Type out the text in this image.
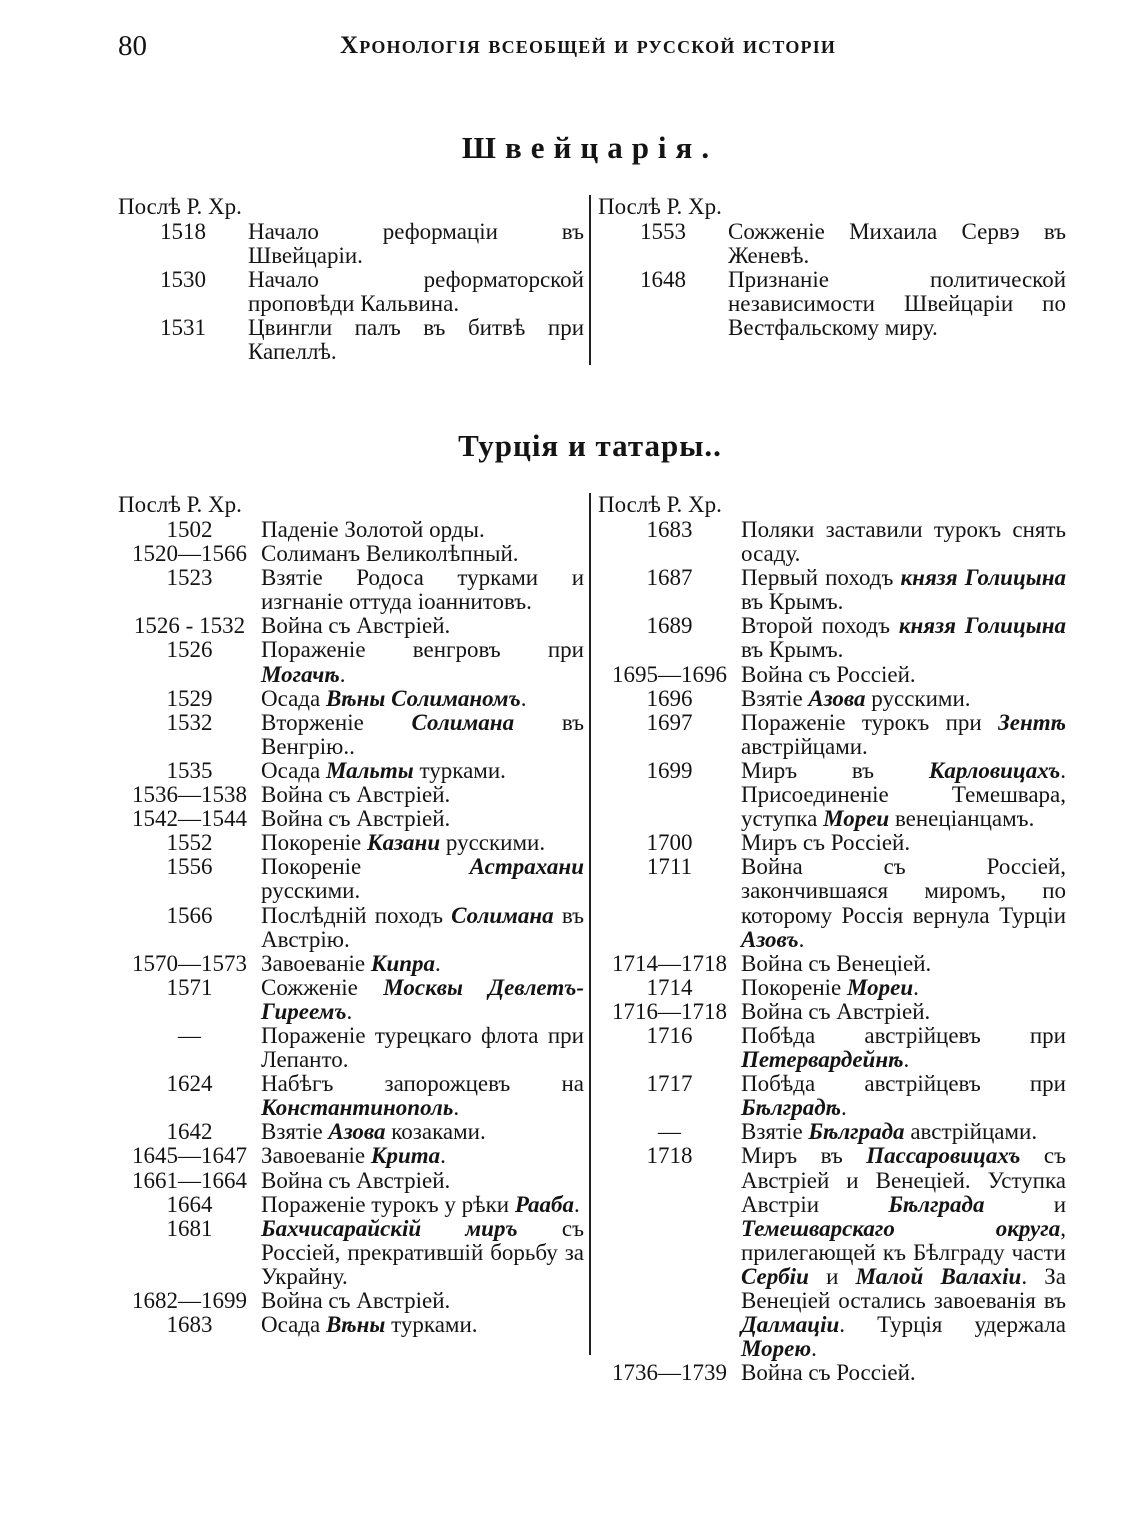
80	Хронологія всеобщей и русской исторіи
Швейцарія.
Послѣ Р. Хр.
1518	Начало реформаціи въ Швейцаріи.
1530	Начало реформаторской проповѣди Кальвина.
1531	Цвингли палъ въ битвѣ при Капеллѣ.
Послѣ Р. Хр.
1553	Сожженіе Михаила Сервэ въ Женевѣ.
1648	Признаніе политической независимости Швейцаріи по Вестфальскому миру.
Турція и татары..
Послѣ Р. Хр.
1502	Паденіе Золотой орды.
1520—1566 Солиманъ Великолѣпный.
1523	Взятіе Родоса турками и изгнаніе оттуда іоаннитовъ.
1526 - 1532 Война съ Австріей.
1526	Пораженіе венгровъ при Могачѣ.
1529	Осада Вѣны Солиманомъ.
1532	Вторженіе Солимана въ Венгрію..
1535	Осада Мальты турками.
1536—1538 Война съ Австріей.
1542—1544 Война съ Австріей.
1552	Покореніе Казани русскими.
1556	Покореніе Астрахани русскими.
1566	Послѣдній походъ Солимана въ Австрію.
1570—1573 Завоеваніе Кипра.
1571	Сожженіе Москвы Девлетъ-Гиреемъ.
—	Пораженіе турецкаго флота при Лепанто.
1624	Набѣгъ запорожцевъ на Константинополь.
1642	Взятіе Азова козаками.
1645—1647 Завоеваніе Крита.
1661—1664 Война съ Австріей.
1664	Пораженіе турокъ у рѣки Рааба.
1681	Бахчисарайскій миръ съ Россіей, прекратившій борьбу за Украйну.
1682—1699 Война съ Австріей.
1683	Осада Вѣны турками.
Послѣ Р. Хр.
1683	Поляки заставили турокъ снять осаду.
1687	Первый походъ князя Голицына въ Крымъ.
1689	Второй походъ князя Голицына въ Крымъ.
1695—1696 Война съ Россіей.
1696	Взятіе Азова русскими.
1697	Пораженіе турокъ при Зентѣ австрійцами.
1699	Миръ въ Карловицахъ. Присоединеніе Темешвара, уступка Мореи венеціанцамъ.
1700	Миръ съ Россіей.
1711	Война съ Россіей, закончившаяся миромъ, по которому Россія вернула Турціи Азовъ.
1714—1718 Война съ Венеціей.
1714	Покореніе Мореи.
1716—1718 Война съ Австріей.
1716	Побѣда австрійцевъ при Петервардейнѣ.
1717	Побѣда австрійцевъ при Бѣлградѣ.
—	Взятіе Бѣлграда австрійцами.
1718	Миръ въ Пассаровицахъ съ Австріей и Венеціей. Уступка Австріи Бѣлграда и Темешварскаго округа, прилегающей къ Бѣлграду части Сербіи и Малой Валахіи. За Венеціей остались завоеванія въ Далмаціи. Турція удержала Морею.
1736—1739 Война съ Россіей.
